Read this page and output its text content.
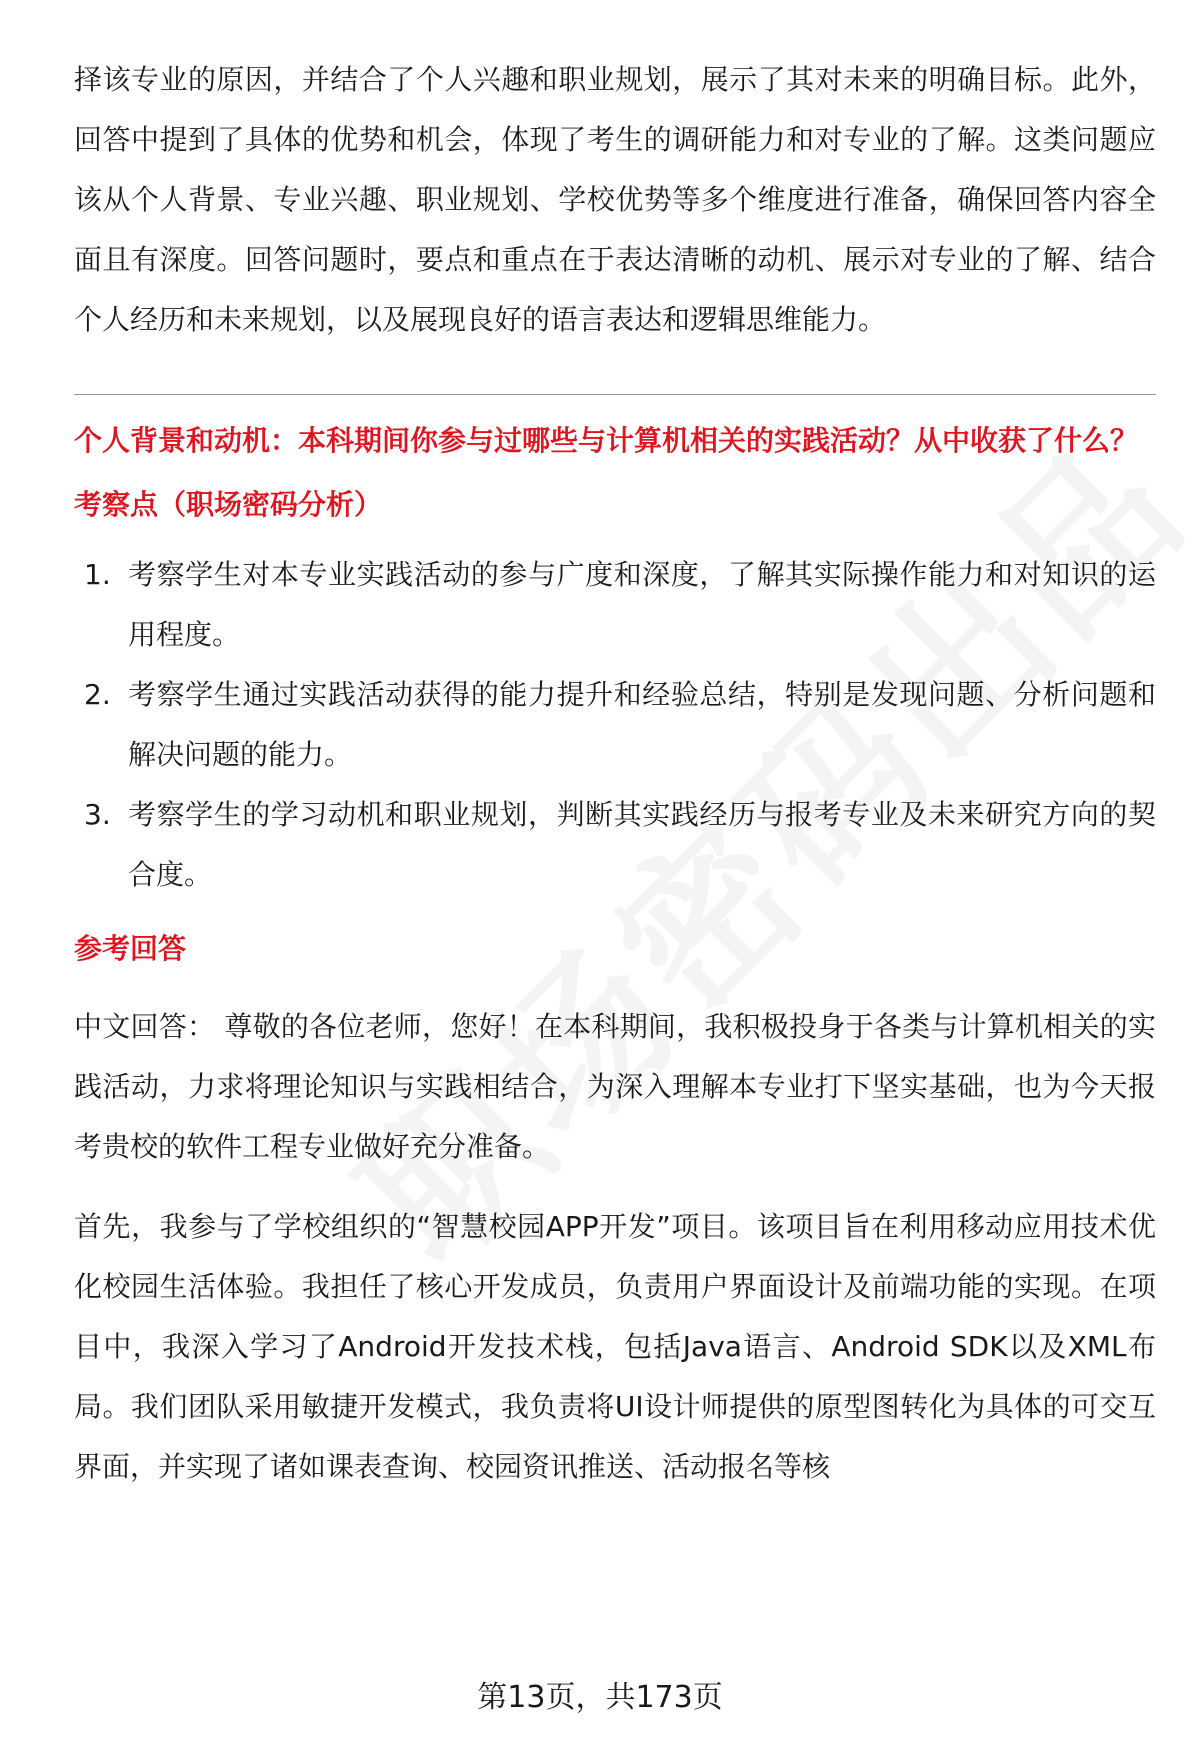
择该专业的原因，并结合了个人兴趣和职业规划，展示了其对未来的明确目标。此外，回答中提到了具体的优势和机会，体现了考生的调研能力和对专业的了解。这类问题应该从个人背景、专业兴趣、职业规划、学校优势等多个维度进行准备，确保回答内容全面且有深度。回答问题时，要点和重点在于表达清晰的动机、展示对专业的了解、结合个人经历和未来规划，以及展现良好的语言表达和逻辑思维能力。

个人背景和动机：本科期间你参与过哪些与计算机相关的实践活动？从中收获了什么？

考察点（职场密码分析）

1. 考察学生对本专业实践活动的参与广度和深度，了解其实际操作能力和对知识的运用程度。
2. 考察学生通过实践活动获得的能力提升和经验总结，特别是发现问题、分析问题和解决问题的能力。
3. 考察学生的学习动机和职业规划，判断其实践经历与报考专业及未来研究方向的契合度。

参考回答

中文回答： 尊敬的各位老师，您好！在本科期间，我积极投身于各类与计算机相关的实践活动，力求将理论知识与实践相结合，为深入理解本专业打下坚实基础，也为今天报考贵校的软件工程专业做好充分准备。

首先，我参与了学校组织的“智慧校园APP开发”项目。该项目旨在利用移动应用技术优化校园生活体验。我担任了核心开发成员，负责用户界面设计及前端功能的实现。在项目中，我深入学习了Android开发技术栈，包括Java语言、Android SDK以及XML布局。我们团队采用敏捷开发模式，我负责将UI设计师提供的原型图转化为具体的可交互界面，并实现了诸如课表查询、校园资讯推送、活动报名等核

第13页，共173页
